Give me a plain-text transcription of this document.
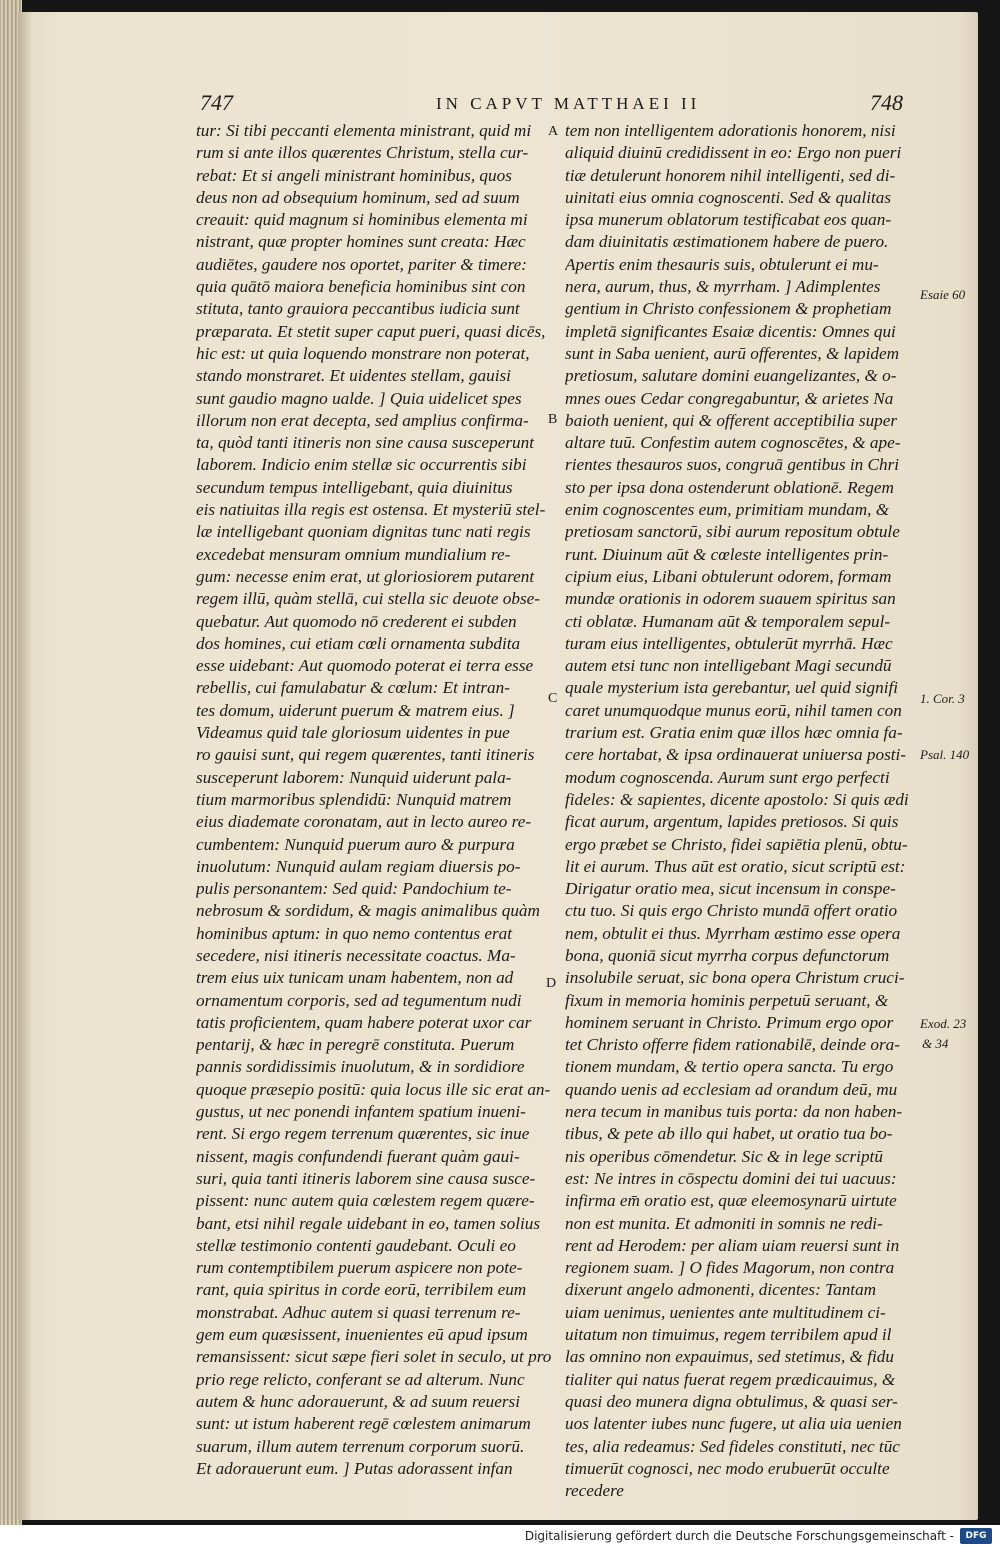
747	IN CAPVT MATTHAEI II	748
tur: Si tibi peccanti elementa ministrant, quid mi
rum si ante illos quærentes Christum, stella cur-
rebat: Et si angeli ministrant hominibus, quos
deus non ad obsequium hominum, sed ad suum
creauit: quid magnum si hominibus elementa mi
nistrant, quæ propter homines sunt creata: Hæc
audiētes, gaudere nos oportet, pariter & timere:
quia quātō maiora beneficia hominibus sint con
stituta, tanto grauiora peccantibus iudicia sunt
præparata. Et stetit super caput pueri, quasi dicēs,
hic est: ut quia loquendo monstrare non poterat,
stando monstraret. Et uidentes stellam, gauisi
sunt gaudio magno ualde. ] Quia uidelicet spes
illorum non erat decepta, sed amplius confirma-
ta, quòd tanti itineris non sine causa susceperunt
laborem. Indicio enim stellæ sic occurrentis sibi
secundum tempus intelligebant, quia diuinitus
eis natiuitas illa regis est ostensa. Et mysteriū stel-
læ intelligebant quoniam dignitas tunc nati regis
excedebat mensuram omnium mundialium re-
gum: necesse enim erat, ut gloriosiorem putarent
regem illū, quàm stellā, cui stella sic deuote obse-
quebatur. Aut quomodo nō crederent ei subden
dos homines, cui etiam cœli ornamenta subdita
esse uidebant: Aut quomodo poterat ei terra esse
rebellis, cui famulabatur & cœlum: Et intran-
tes domum, uiderunt puerum & matrem eius. ]
Videamus quid tale gloriosum uidentes in pue
ro gauisi sunt, qui regem quærentes, tanti itineris
susceperunt laborem: Nunquid uiderunt pala-
tium marmoribus splendidū: Nunquid matrem
eius diademate coronatam, aut in lecto aureo re-
cumbentem: Nunquid puerum auro & purpura
inuolutum: Nunquid aulam regiam diuersis po-
pulis personantem: Sed quid: Pandochium te-
nebrosum & sordidum, & magis animalibus quàm
hominibus aptum: in quo nemo contentus erat
secedere, nisi itineris necessitate coactus. Ma-
trem eius uix tunicam unam habentem, non ad
ornamentum corporis, sed ad tegumentum nudi
tatis proficientem, quam habere poterat uxor car
pentarij, & hæc in peregrē constituta. Puerum
pannis sordidissimis inuolutum, & in sordidiore
quoque præsepio positū: quia locus ille sic erat an-
gustus, ut nec ponendi infantem spatium inueni-
rent. Si ergo regem terrenum quærentes, sic inue
nissent, magis confundendi fuerant quàm gaui-
suri, quia tanti itineris laborem sine causa susce-
pissent: nunc autem quia cœlestem regem quære-
bant, etsi nihil regale uidebant in eo, tamen solius
stellæ testimonio contenti gaudebant. Oculi eo
rum contemptibilem puerum aspicere non pote-
rant, quia spiritus in corde eorū, terribilem eum
monstrabat. Adhuc autem si quasi terrenum re-
gem eum quæsissent, inuenientes eū apud ipsum
remansissent: sicut sæpe fieri solet in seculo, ut pro
prio rege relicto, conferant se ad alterum. Nunc
autem & hunc adorauerunt, & ad suum reuersi
sunt: ut istum haberent regē cœlestem animarum
suarum, illum autem terrenum corporum suorū.
Et adorauerunt eum. ] Putas adorassent infan
tem non intelligentem adorationis honorem, nisi
aliquid diuinū credidissent in eo: Ergo non pueri
tiæ detulerunt honorem nihil intelligenti, sed di-
uinitati eius omnia cognoscenti. Sed & qualitas
ipsa munerum oblatorum testificabat eos quan-
dam diuinitatis æstimationem habere de puero.
Apertis enim thesauris suis, obtulerunt ei mu-
nera, aurum, thus, & myrrham. ] Adimplentes
gentium in Christo confessionem & prophetiam
impletā significantes Esaiæ dicentis: Omnes qui
sunt in Saba uenient, aurū offerentes, & lapidem
pretiosum, salutare domini euangelizantes, & o-
mnes oues Cedar congregabuntur, & arietes Na
baioth uenient, qui & offerent acceptibilia super
altare tuū. Confestim autem cognoscētes, & ape-
rientes thesauros suos, congruā gentibus in Chri
sto per ipsa dona ostenderunt oblationē. Regem
enim cognoscentes eum, primitiam mundam, &
pretiosam sanctorū, sibi aurum repositum obtule
runt. Diuinum aūt & cœleste intelligentes prin-
cipium eius, Libani obtulerunt odorem, formam
mundæ orationis in odorem suauem spiritus san
cti oblatæ. Humanam aūt & temporalem sepul-
turam eius intelligentes, obtulerūt myrrhā. Hæc
autem etsi tunc non intelligebant Magi secundū
quale mysterium ista gerebantur, uel quid signifi
caret unumquodque munus eorū, nihil tamen con
trarium est. Gratia enim quæ illos hæc omnia fa-
cere hortabat, & ipsa ordinauerat uniuersa posti-
modum cognoscenda. Aurum sunt ergo perfecti
fideles: & sapientes, dicente apostolo: Si quis ædi
ficat aurum, argentum, lapides pretiosos. Si quis
ergo præbet se Christo, fidei sapiētia plenū, obtu-
lit ei aurum. Thus aūt est oratio, sicut scriptū est:
Dirigatur oratio mea, sicut incensum in conspe-
ctu tuo. Si quis ergo Christo mundā offert oratio
nem, obtulit ei thus. Myrrham æstimo esse opera
bona, quoniā sicut myrrha corpus defunctorum
insolubile seruat, sic bona opera Christum cruci-
fixum in memoria hominis perpetuū seruant, &
hominem seruant in Christo. Primum ergo opor
tet Christo offerre fidem rationabilē, deinde ora-
tionem mundam, & tertio opera sancta. Tu ergo
quando uenis ad ecclesiam ad orandum deū, mu
nera tecum in manibus tuis porta: da non haben-
tibus, & pete ab illo qui habet, ut oratio tua bo-
nis operibus cōmendetur. Sic & in lege scriptū
est: Ne intres in cōspectu domini dei tui uacuus:
infirma em̄ oratio est, quæ eleemosynarū uirtute
non est munita. Et admoniti in somnis ne redi-
rent ad Herodem: per aliam uiam reuersi sunt in
regionem suam. ] O fides Magorum, non contra
dixerunt angelo admonenti, dicentes: Tantam
uiam uenimus, uenientes ante multitudinem ci-
uitatum non timuimus, regem terribilem apud il
las omnino non expauimus, sed stetimus, & fidu
tialiter qui natus fuerat regem prædicauimus, &
quasi deo munera digna obtulimus, & quasi ser-
uos latenter iubes nunc fugere, ut alia uia uenien
tes, alia redeamus: Sed fideles constituti, nec tūc
timuerūt cognosci, nec modo erubuerūt occulte
recedere
A
B
C
D
Esaie 60
1. Cor. 3
Psal. 140
Exod. 23
& 34
Digitalisierung gefördert durch die Deutsche Forschungsgemeinschaft -	DFG
